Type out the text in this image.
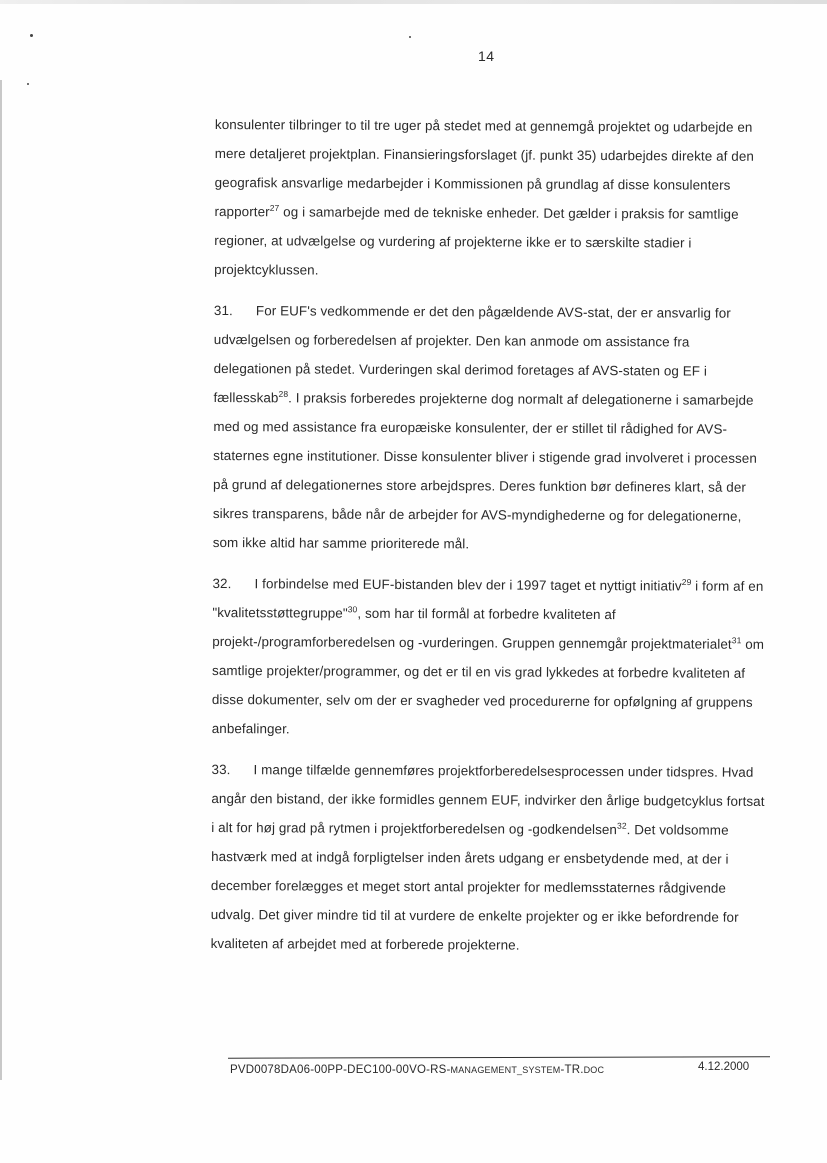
14

konsulenter tilbringer to til tre uger på stedet med at gennemgå projektet og udarbejde en mere detaljeret projektplan. Finansieringsforslaget (jf. punkt 35) udarbejdes direkte af den geografisk ansvarlige medarbejder i Kommissionen på grundlag af disse konsulenters rapporter$^{27}$ og i samarbejde med de tekniske enheder. Det gælder i praksis for samtlige regioner, at udvælgelse og vurdering af projekterne ikke er to særskilte stadier i projektcyklussen.

31. For EUF's vedkommende er det den pågældende AVS-stat, der er ansvarlig for udvælgelsen og forberedelsen af projekter. Den kan anmode om assistance fra delegationen på stedet. Vurderingen skal derimod foretages af AVS-staten og EF i fællesskab$^{28}$. I praksis forberedes projekterne dog normalt af delegationerne i samarbejde med og med assistance fra europæiske konsulenter, der er stillet til rådighed for AVS-staternes egne institutioner. Disse konsulenter bliver i stigende grad involveret i processen på grund af delegationernes store arbejdspres. Deres funktion bør defineres klart, så der sikres transparens, både når de arbejder for AVS-myndighederne og for delegationerne, som ikke altid har samme prioriterede mål.

32. I forbindelse med EUF-bistanden blev der i 1997 taget et nyttigt initiativ$^{29}$ i form af en "kvalitetsstøttegruppe"$^{30}$, som har til formål at forbedre kvaliteten af projekt-/programforberedelsen og -vurderingen. Gruppen gennemgår projektmaterialet$^{31}$ om samtlige projekter/programmer, og det er til en vis grad lykkedes at forbedre kvaliteten af disse dokumenter, selv om der er svagheder ved procedurerne for opfølgning af gruppens anbefalinger.

33. I mange tilfælde gennemføres projektforberedelsesprocessen under tidspres. Hvad angår den bistand, der ikke formidles gennem EUF, indvirker den årlige budgetcyklus fortsat i alt for høj grad på rytmen i projektforberedelsen og -godkendelsen$^{32}$. Det voldsomme hastværk med at indgå forpligtelser inden årets udgang er ensbetydende med, at der i december forelægges et meget stort antal projekter for medlemsstaternes rådgivende udvalg. Det giver mindre tid til at vurdere de enkelte projekter og er ikke befordrende for kvaliteten af arbejdet med at forberede projekterne.

PVD0078DA06-00PP-DEC100-00VO-RS-MANAGEMENT_SYSTEM-TR.DOC	4.12.2000
